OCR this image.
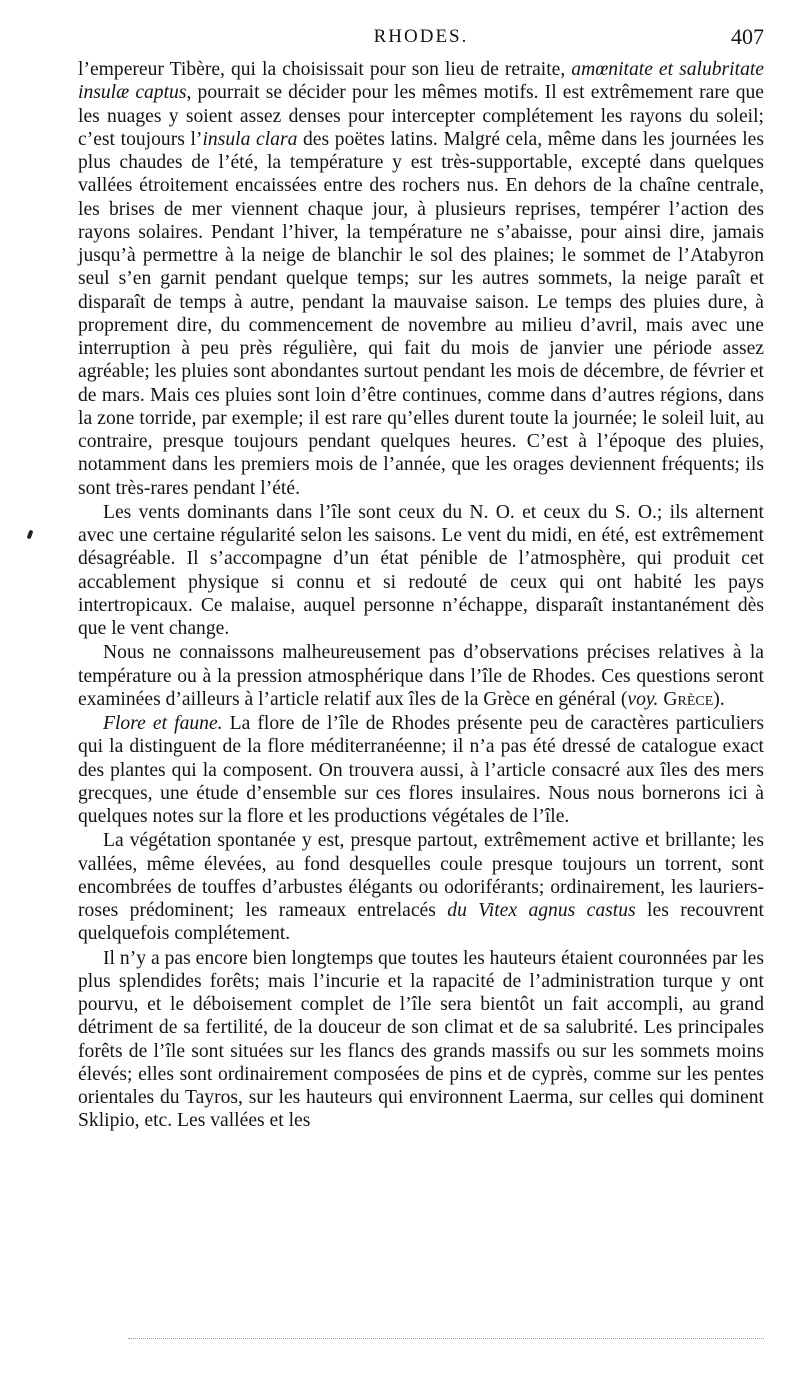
RHODES.	407

l’empereur Tibère, qui la choisissait pour son lieu de retraite, amœnitate et salubritate insulæ captus, pourrait se décider pour les mêmes motifs. Il est extrêmement rare que les nuages y soient assez denses pour intercepter complétement les rayons du soleil; c’est toujours l’insula clara des poëtes latins. Malgré cela, même dans les journées les plus chaudes de l’été, la température y est très-supportable, excepté dans quelques vallées étroitement encaissées entre des rochers nus. En dehors de la chaîne centrale, les brises de mer viennent chaque jour, à plusieurs reprises, tempérer l’action des rayons solaires. Pendant l’hiver, la température ne s’abaisse, pour ainsi dire, jamais jusqu’à permettre à la neige de blanchir le sol des plaines; le sommet de l’Atabyron seul s’en garnit pendant quelque temps; sur les autres sommets, la neige paraît et disparaît de temps à autre, pendant la mauvaise saison. Le temps des pluies dure, à proprement dire, du commencement de novembre au milieu d’avril, mais avec une interruption à peu près régulière, qui fait du mois de janvier une période assez agréable; les pluies sont abondantes surtout pendant les mois de décembre, de février et de mars. Mais ces pluies sont loin d’être continues, comme dans d’autres régions, dans la zone torride, par exemple; il est rare qu’elles durent toute la journée; le soleil luit, au contraire, presque toujours pendant quelques heures. C’est à l’époque des pluies, notamment dans les premiers mois de l’année, que les orages deviennent fréquents; ils sont très-rares pendant l’été.

Les vents dominants dans l’île sont ceux du N. O. et ceux du S. O.; ils alternent avec une certaine régularité selon les saisons. Le vent du midi, en été, est extrêmement désagréable. Il s’accompagne d’un état pénible de l’atmosphère, qui produit cet accablement physique si connu et si redouté de ceux qui ont habité les pays intertropicaux. Ce malaise, auquel personne n’échappe, disparaît instantanément dès que le vent change.

Nous ne connaissons malheureusement pas d’observations précises relatives à la température ou à la pression atmosphérique dans l’île de Rhodes. Ces questions seront examinées d’ailleurs à l’article relatif aux îles de la Grèce en général (voy. Grèce).

Flore et faune. La flore de l’île de Rhodes présente peu de caractères particuliers qui la distinguent de la flore méditerranéenne; il n’a pas été dressé de catalogue exact des plantes qui la composent. On trouvera aussi, à l’article consacré aux îles des mers grecques, une étude d’ensemble sur ces flores insulaires. Nous nous bornerons ici à quelques notes sur la flore et les productions végétales de l’île.

La végétation spontanée y est, presque partout, extrêmement active et brillante; les vallées, même élevées, au fond desquelles coule presque toujours un torrent, sont encombrées de touffes d’arbustes élégants ou odoriférants; ordinairement, les lauriers-roses prédominent; les rameaux entrelacés du Vitex agnus castus les recouvrent quelquefois complétement.

Il n’y a pas encore bien longtemps que toutes les hauteurs étaient couronnées par les plus splendides forêts; mais l’incurie et la rapacité de l’administration turque y ont pourvu, et le déboisement complet de l’île sera bientôt un fait accompli, au grand détriment de sa fertilité, de la douceur de son climat et de sa salubrité. Les principales forêts de l’île sont situées sur les flancs des grands massifs ou sur les sommets moins élevés; elles sont ordinairement composées de pins et de cyprès, comme sur les pentes orientales du Tayros, sur les hauteurs qui environnent Laerma, sur celles qui dominent Sklipio, etc. Les vallées et les
